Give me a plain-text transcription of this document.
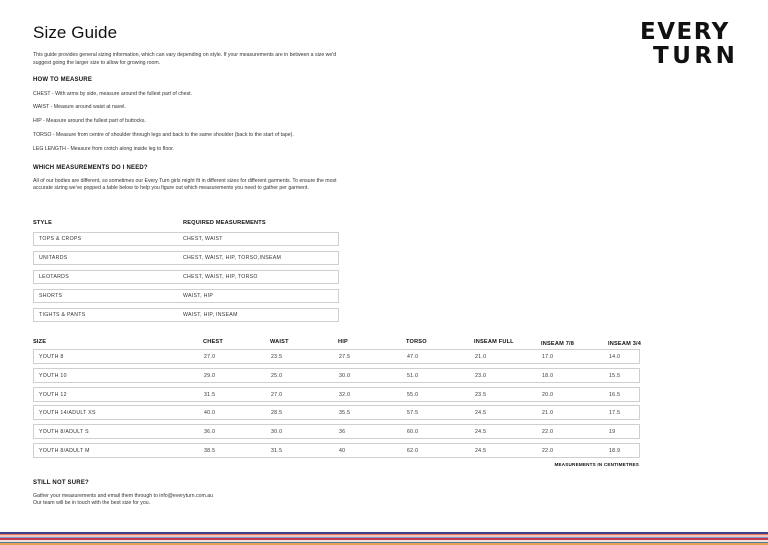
Size Guide	EVERY
TURN
This guide provides general sizing information, which can vary depending on style. If your measurements are in between a size we'd suggest going the larger size to allow for growing room.
HOW TO MEASURE
CHEST - With arms by side, measure around the fullest part of chest.
WAIST - Measure around waist at navel.
HIP - Measure around the fullest part of buttocks.
TORSO - Measure from centre of shoulder through legs and back to the same shoulder (back to the start of tape).
LEG LENGTH - Measure from crotch along inside leg to floor.
WHICH MEASUREMENTS DO I NEED?
All of our bodies are different, so sometimes our Every Turn girls might fit in different sizes for different garments. To ensure the most accurate sizing we've popped a table below to help you figure out which measurements you need to gather per garment.
STYLE	REQUIRED MEASUREMENTS
TOPS & CROPS	CHEST, WAIST
UNITARDS	CHEST, WAIST, HIP, TORSO,INSEAM
LEOTARDS	CHEST, WAIST, HIP, TORSO
SHORTS	WAIST, HIP
TIGHTS & PANTS	WAIST, HIP, INSEAM
SIZE	CHEST	WAIST	HIP	TORSO	INSEAM FULL	INSEAM 7/8	INSEAM 3/4
YOUTH 8	27.0	23.5	27.5	47.0	21.0	17.0	14.0
YOUTH 10	29.0	25.0	30.0	51.0	23.0	18.0	15.5
YOUTH 12	31.5	27.0	32.0	55.0	23.5	20.0	16.5
YOUTH 14/ADULT XS	40.0	28.5	35.5	57.5	24.5	21.0	17.5
YOUTH 8/ADULT S	36.0	30.0	36	60.0	24.5	22.0	19
YOUTH 8/ADULT M	38.5	31.5	40	62.0	24.5	22.0	18.9
MEASUREMENTS IN CENTIMETRES
STILL NOT SURE?
Gather your measurements and email them through to info@everyturn.com.au
Our team will be in touch with the best size for you.
